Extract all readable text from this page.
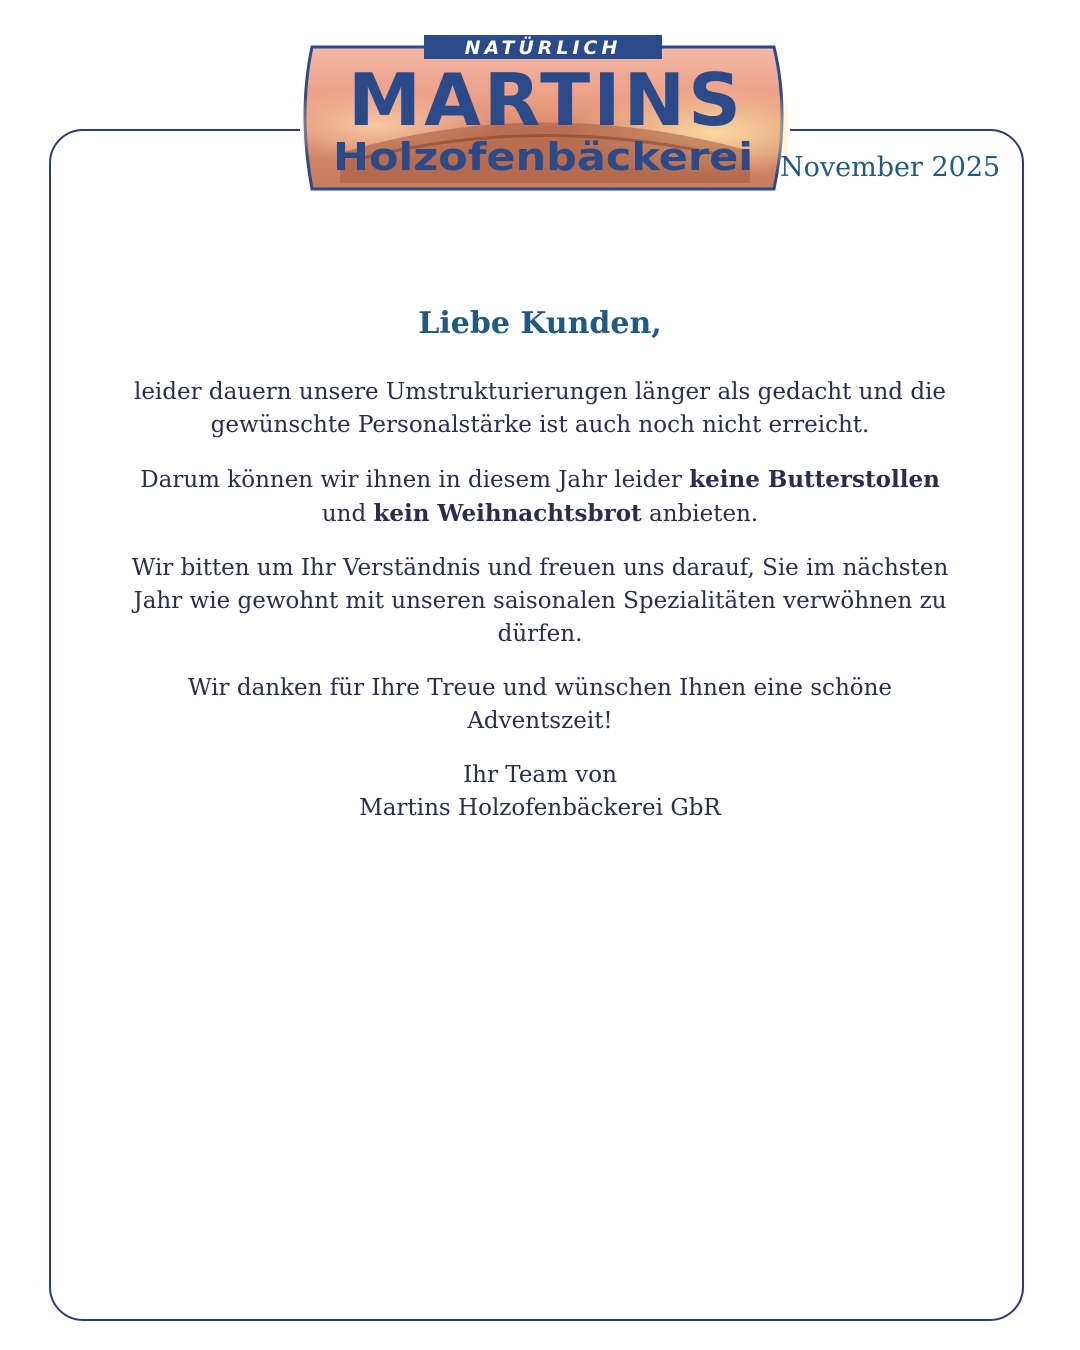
NATÜRLICH
MARTINS
Holzofenbäckerei November 2025
Liebe Kunden,

leider dauern unsere Umstrukturierungen länger als gedacht und die
gewünschte Personalstärke ist auch noch nicht erreicht.

Darum können wir ihnen in diesem Jahr leider keine Butterstollen
und kein Weihnachtsbrot anbieten.

Wir bitten um Ihr Verständnis und freuen uns darauf, Sie im nächsten
Jahr wie gewohnt mit unseren saisonalen Spezialitäten verwöhnen zu
dürfen.

Wir danken für Ihre Treue und wünschen Ihnen eine schöne
Adventszeit!

Ihr Team von
Martins Holzofenbäckerei GbR
